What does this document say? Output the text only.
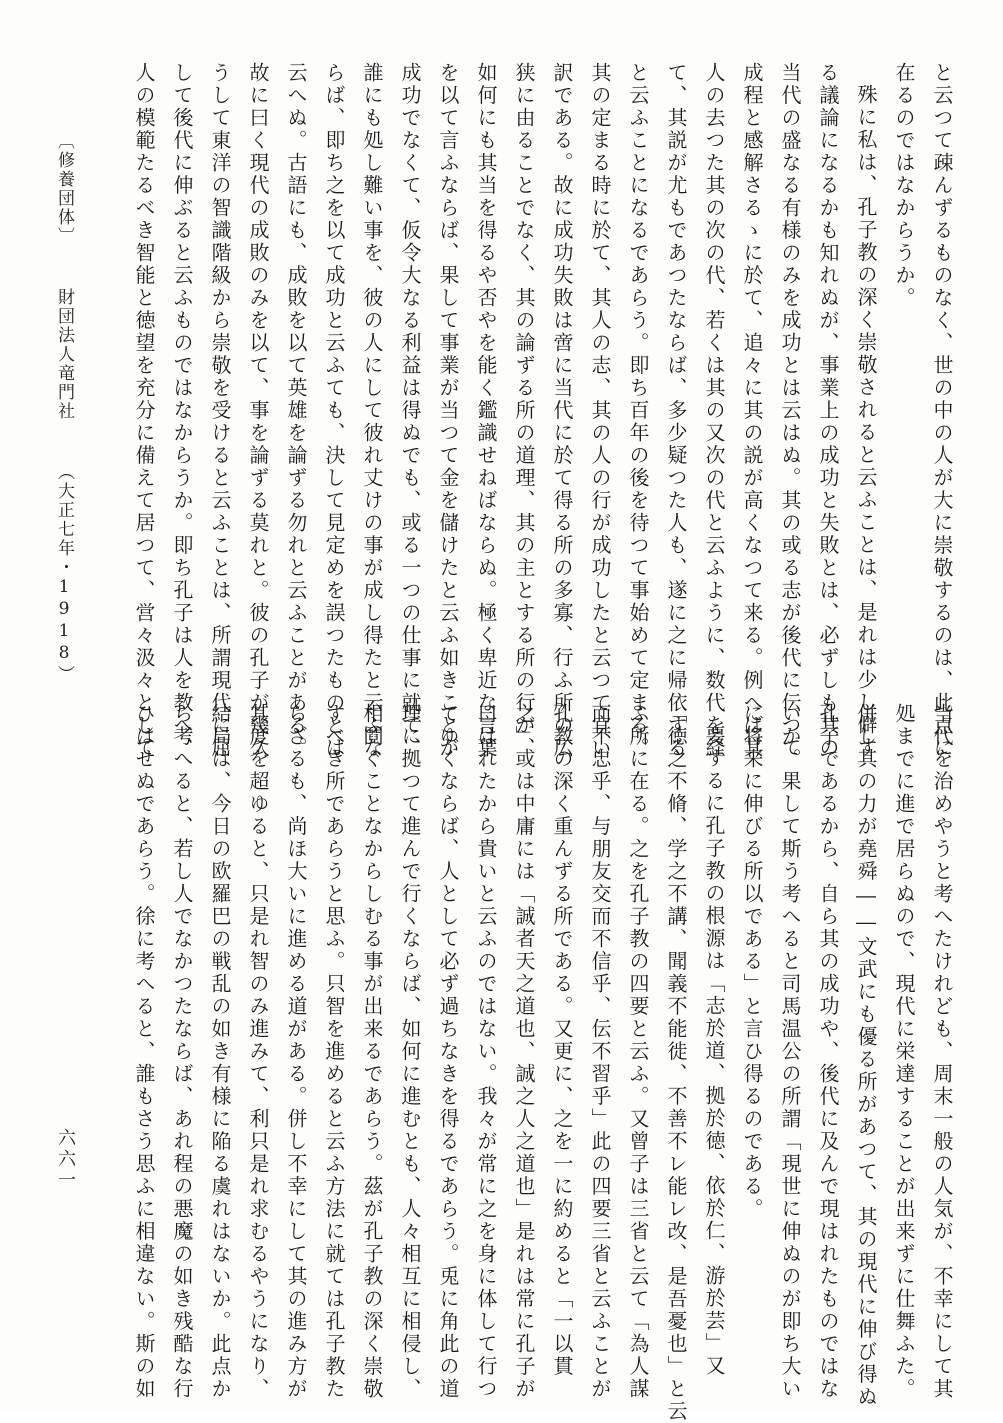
と云つて疎んずるものなく、世の中の人が大に崇敬するのは、此点に
在るのではなからうか。
殊に私は、孔子教の深く崇敬されると云ふことは、是れは少し僻す
る議論になるかも知れぬが、事業上の成功と失敗とは、必ずしも其の
当代の盛なる有様のみを成功とは云はぬ。其の或る志が後代に伝つて
成程と感解さるゝに於て、追々に其の説が高くなつて来る。例へば其
人の去つた其の次の代、若くは其の又次の代と云ふように、数代を経
て、其説が尤もであつたならば、多少疑つた人も、遂に之に帰依する
と云ふことになるであらう。即ち百年の後を待つて事始めて定まる。
其の定まる時に於て、其人の志、其の人の行が成功したと云つて宜い
訳である。故に成功失敗は啻に当代に於て得る所の多寡、行ふ所の広
狭に由ることでなく、其の論ずる所の道理、其の主とする所の行が、
如何にも其当を得るや否やを能く鑑識せねばならぬ。極く卑近な言葉
を以て言ふならば、果して事業が当つて金を儲けたと云ふ如きことが
成功でなくて、仮令大なる利益は得ぬでも、或る一つの仕事に就て、
誰にも処し難い事を、彼の人にして彼れ丈けの事が成し得たと云ふな
らば、即ち之を以て成功と云ふても、決して見定めを誤つたものとは
云へぬ。古語にも、成敗を以て英雄を論ずる勿れと云ふことがある。
故に曰く現代の成敗のみを以て、事を論ずる莫れと。彼の孔子が幾久
うして東洋の智識階級から崇敬を受けると云ふことは、所謂現代に屈
して後代に伸ぶると云ふものではなからうか。即ち孔子は人を教へ、
人の模範たるべき智能と徳望を充分に備えて居つて、営々汲々として
当代を治めやうと考へたけれども、周末一般の人気が、不幸にして其
処までに進で居らぬので、現代に栄達することが出来ずに仕舞ふた。
併し其の力が堯舜――文武にも優る所があつて、其の現代に伸び得ぬ
孔子であるから、自ら其の成功や、後代に及んで現はれたものではな
いか。果して斯う考へると司馬温公の所謂「現世に伸ぬのが即ち大い
に将来に伸びる所以である」と言ひ得るのである。
要するに孔子教の根源は「志於道、拠於徳、依於仁、游於芸」又
「徳之不脩、学之不講、聞義不能徙、不善不レ能レ改、是吾憂也」と云
ふ所に在る。之を孔子教の四要と云ふ。又曾子は三省と云て「為人謀
而不忠乎、与朋友交而不信乎、伝不習乎」此の四要三省と云ふことが
孔教の深く重んずる所である。又更に、之を一に約めると「一以貫
之」或は中庸には「誠者天之道也、誠之人之道也」是れは常に孔子が
曰はれたから貴いと云ふのではない。我々が常に之を身に体して行つ
てゆくならば、人として必ず過ちなきを得るであらう。兎に角此の道
理に拠つて進んで行くならば、如何に進むとも、人々相互に相侵し、
相鬩ぐことなからしむる事が出来るであらう。茲が孔子教の深く崇敬
すべき所であらうと思ふ。只智を進めると云ふ方法に就ては孔子教た
らざるも、尚ほ大いに進める道がある。併し不幸にして其の進み方が
其度を超ゆると、只是れ智のみ進みて、利只是れ求むるやうになり、
結局は、今日の欧羅巴の戦乱の如き有様に陥る虞れはないか。此点か
ら考へると、若し人でなかつたならば、あれ程の悪魔の如き残酷な行
ひはせぬであらう。徐に考へると、誰もさう思ふに相違ない。斯の如
〔修養団体〕 財団法人竜門社 （大正七年・1918）
六六一
